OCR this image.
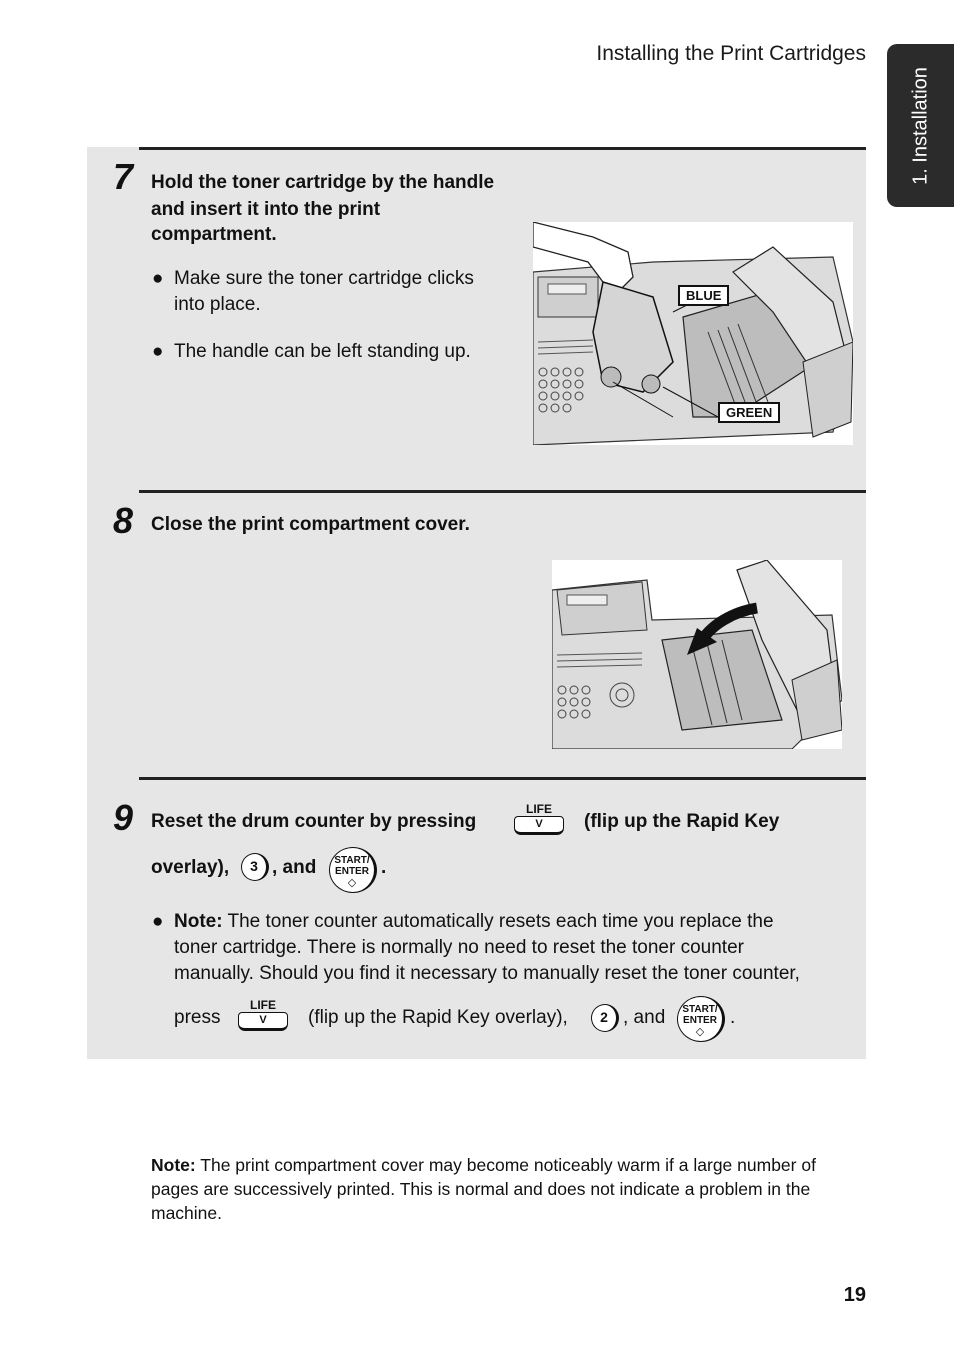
Installing the Print Cartridges
1. Installation
7 Hold the toner cartridge by the handle
and insert it into the print
compartment.
● Make sure the toner cartridge clicks
into place.
● The handle can be left standing up.
BLUE
GREEN
8 Close the print compartment cover.
9 Reset the drum counter by pressing
LIFE
V	(flip up the Rapid Key
overlay),	3 , and	START/
ENTER
◇
.
● Note: The toner counter automatically resets each time you replace the
toner cartridge. There is normally no need to reset the toner counter
manually. Should you find it necessary to manually reset the toner counter,
press
LIFE
V	(flip up the Rapid Key overlay),	2 , and	START/
ENTER
◇
.
Note: The print compartment cover may become noticeably warm if a large number of pages are successively printed. This is normal and does not indicate a problem in the machine.
19
